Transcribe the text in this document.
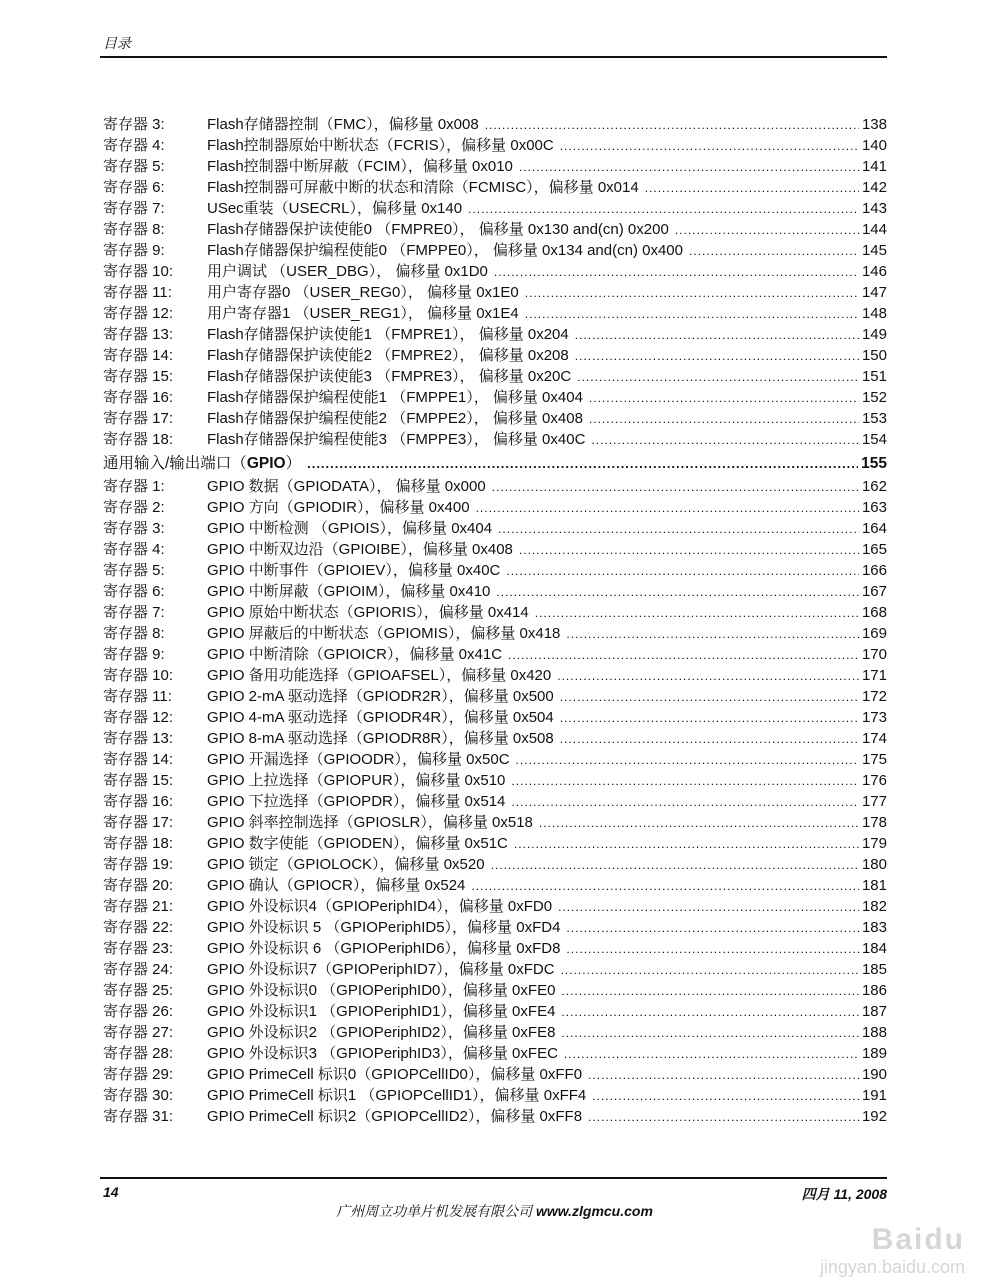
目录
寄存器 3:	Flash存储器控制（FMC），偏移量 0x008 .....	138
寄存器 4:	Flash控制器原始中断状态（FCRIS），偏移量 0x00C .....	140
寄存器 5:	Flash控制器中断屏蔽（FCIM），偏移量 0x010 .....	141
寄存器 6:	Flash控制器可屏蔽中断的状态和清除（FCMISC），偏移量 0x014 .....	142
寄存器 7:	USec重装（USECRL），偏移量 0x140 .....	143
寄存器 8:	Flash存储器保护读使能0 （FMPRE0）， 偏移量 0x130 and(cn) 0x200 .....	144
寄存器 9:	Flash存储器保护编程使能0 （FMPPE0）， 偏移量 0x134 and(cn) 0x400 .....	145
寄存器 10:	用户调试 （USER_DBG）， 偏移量 0x1D0 .....	146
寄存器 11:	用户寄存器0 （USER_REG0）， 偏移量 0x1E0 .....	147
寄存器 12:	用户寄存器1 （USER_REG1）， 偏移量 0x1E4 .....	148
寄存器 13:	Flash存储器保护读使能1 （FMPRE1）， 偏移量 0x204 .....	149
寄存器 14:	Flash存储器保护读使能2 （FMPRE2）， 偏移量 0x208 .....	150
寄存器 15:	Flash存储器保护读使能3 （FMPRE3）， 偏移量 0x20C .....	151
寄存器 16:	Flash存储器保护编程使能1 （FMPPE1）， 偏移量 0x404 .....	152
寄存器 17:	Flash存储器保护编程使能2 （FMPPE2）， 偏移量 0x408 .....	153
寄存器 18:	Flash存储器保护编程使能3 （FMPPE3）， 偏移量 0x40C .....	154
通用输入/输出端口（GPIO） .....	155
寄存器 1:	GPIO 数据（GPIODATA）， 偏移量 0x000 .....	162
寄存器 2:	GPIO 方向（GPIODIR），偏移量 0x400 .....	163
寄存器 3:	GPIO 中断检测 （GPIOIS），偏移量 0x404 .....	164
寄存器 4:	GPIO 中断双边沿（GPIOIBE），偏移量 0x408 .....	165
寄存器 5:	GPIO 中断事件（GPIOIEV），偏移量 0x40C .....	166
寄存器 6:	GPIO 中断屏蔽（GPIOIM），偏移量 0x410 .....	167
寄存器 7:	GPIO 原始中断状态（GPIORIS），偏移量 0x414 .....	168
寄存器 8:	GPIO 屏蔽后的中断状态（GPIOMIS），偏移量 0x418 .....	169
寄存器 9:	GPIO 中断清除（GPIOICR），偏移量 0x41C .....	170
寄存器 10:	GPIO 备用功能选择（GPIOAFSEL），偏移量 0x420 .....	171
寄存器 11:	GPIO 2-mA 驱动选择（GPIODR2R），偏移量 0x500 .....	172
寄存器 12:	GPIO 4-mA 驱动选择（GPIODR4R），偏移量 0x504 .....	173
寄存器 13:	GPIO 8-mA 驱动选择（GPIODR8R），偏移量 0x508 .....	174
寄存器 14:	GPIO 开漏选择（GPIOODR），偏移量 0x50C .....	175
寄存器 15:	GPIO 上拉选择（GPIOPUR），偏移量 0x510 .....	176
寄存器 16:	GPIO 下拉选择（GPIOPDR），偏移量 0x514 .....	177
寄存器 17:	GPIO 斜率控制选择（GPIOSLR），偏移量 0x518 .....	178
寄存器 18:	GPIO 数字使能（GPIODEN），偏移量 0x51C .....	179
寄存器 19:	GPIO 锁定（GPIOLOCK），偏移量 0x520 .....	180
寄存器 20:	GPIO 确认（GPIOCR），偏移量 0x524 .....	181
寄存器 21:	GPIO 外设标识4（GPIOPeriphID4），偏移量 0xFD0 .....	182
寄存器 22:	GPIO 外设标识 5 （GPIOPeriphID5），偏移量 0xFD4 .....	183
寄存器 23:	GPIO 外设标识 6 （GPIOPeriphID6），偏移量 0xFD8 .....	184
寄存器 24:	GPIO 外设标识7（GPIOPeriphID7），偏移量 0xFDC .....	185
寄存器 25:	GPIO 外设标识0 （GPIOPeriphID0），偏移量 0xFE0 .....	186
寄存器 26:	GPIO 外设标识1 （GPIOPeriphID1），偏移量 0xFE4 .....	187
寄存器 27:	GPIO 外设标识2 （GPIOPeriphID2），偏移量 0xFE8 .....	188
寄存器 28:	GPIO 外设标识3 （GPIOPeriphID3），偏移量 0xFEC .....	189
寄存器 29:	GPIO PrimeCell 标识0（GPIOPCellID0），偏移量 0xFF0 .....	190
寄存器 30:	GPIO PrimeCell 标识1 （GPIOPCellID1），偏移量 0xFF4 .....	191
寄存器 31:	GPIO PrimeCell 标识2（GPIOPCellID2），偏移量 0xFF8 .....	192
14	四月 11, 2008
广州周立功单片机发展有限公司 www.zlgmcu.com
Baidu
jingyan.baidu.com
